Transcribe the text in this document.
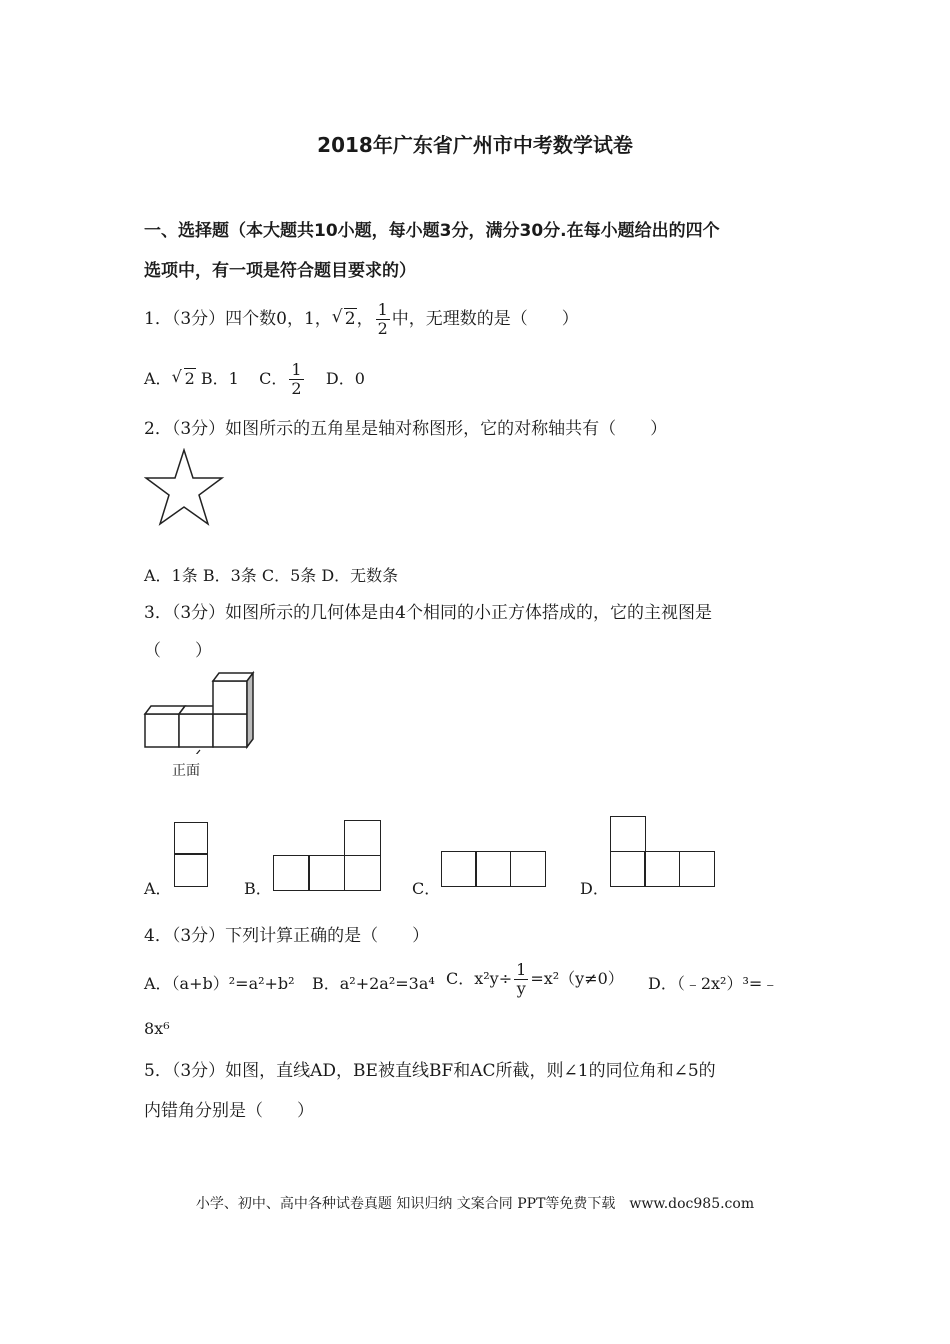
2018年广东省广州市中考数学试卷
一、选择题（本大题共10小题，每小题3分，满分30分.在每小题给出的四个
选项中，有一项是符合题目要求的）
1．（3分）四个数0，1， √ 2， $\frac{1}{2}$ 中，无理数的是（　　）
A． √ 2 B．1 C． $\frac{1}{2}$ D．0
2．（3分）如图所示的五角星是轴对称图形，它的对称轴共有（　　）
A．1条 B．3条 C．5条 D．无数条
3．（3分）如图所示的几何体是由4个相同的小正方体搭成的，它的主视图是
（　　）
正面
A．	B．	C．	D．
4．（3分）下列计算正确的是（　　）
A．（a+b）²=a²+b² B．a²+2a²=3a⁴ C．$x^2y\div \frac{1}{y} =x^2(y\ne 0)$ D．（﹣2x²）³=﹣
8x⁶
5．（3分）如图，直线AD，BE被直线BF和AC所截，则∠1的同位角和∠5的
内错角分别是（　　）
小学、初中、高中各种试卷真题 知识归纳 文案合同 PPT等免费下载　www.doc985.com
